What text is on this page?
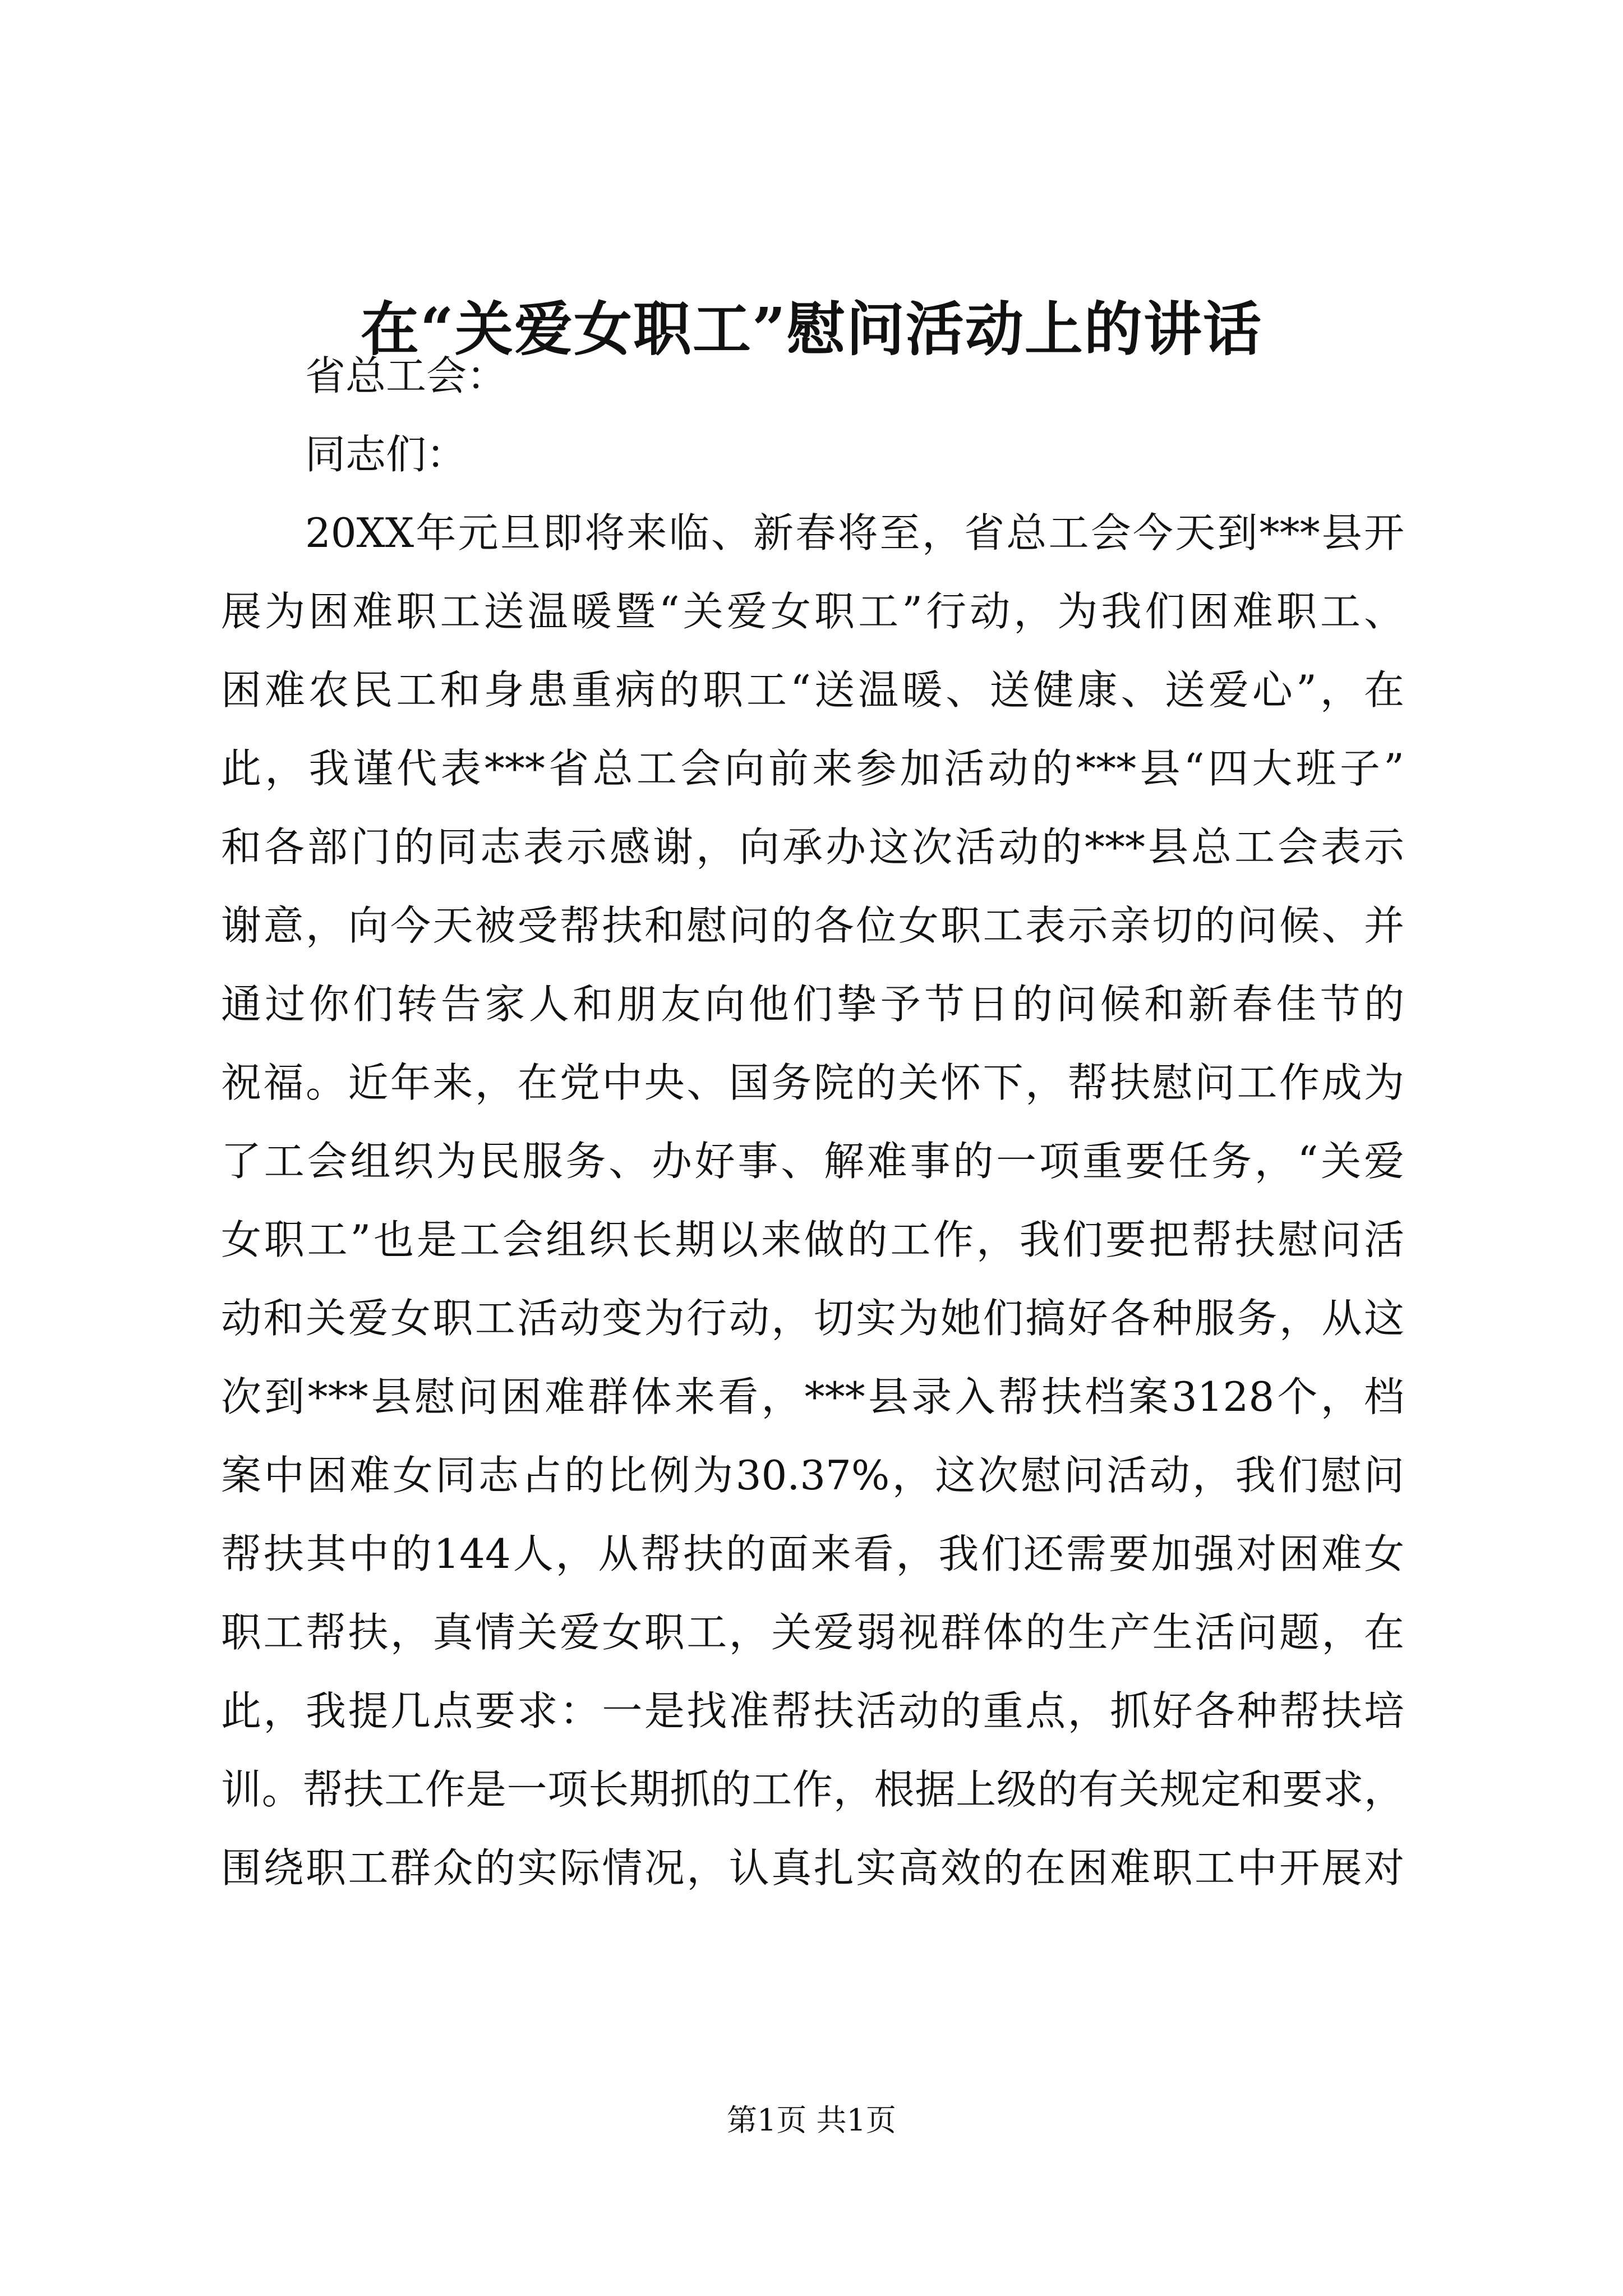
在“关爱女职工”慰问活动上的讲话
省总工会：
同志们：
20XX年元旦即将来临、新春将至，省总工会今天到***县开
展为困难职工送温暖暨“关爱女职工”行动，为我们困难职工、
困难农民工和身患重病的职工“送温暖、送健康、送爱心”，在
此，我谨代表***省总工会向前来参加活动的***县“四大班子”
和各部门的同志表示感谢，向承办这次活动的***县总工会表示
谢意，向今天被受帮扶和慰问的各位女职工表示亲切的问候、并
通过你们转告家人和朋友向他们挚予节日的问候和新春佳节的
祝福。近年来，在党中央、国务院的关怀下，帮扶慰问工作成为
了工会组织为民服务、办好事、解难事的一项重要任务，“关爱
女职工”也是工会组织长期以来做的工作，我们要把帮扶慰问活
动和关爱女职工活动变为行动，切实为她们搞好各种服务，从这
次到***县慰问困难群体来看，***县录入帮扶档案3128个，档
案中困难女同志占的比例为30.37%，这次慰问活动，我们慰问
帮扶其中的144人，从帮扶的面来看，我们还需要加强对困难女
职工帮扶，真情关爱女职工，关爱弱视群体的生产生活问题，在
此，我提几点要求：一是找准帮扶活动的重点，抓好各种帮扶培
训。帮扶工作是一项长期抓的工作，根据上级的有关规定和要求，
围绕职工群众的实际情况，认真扎实高效的在困难职工中开展对
第1页 共1页
